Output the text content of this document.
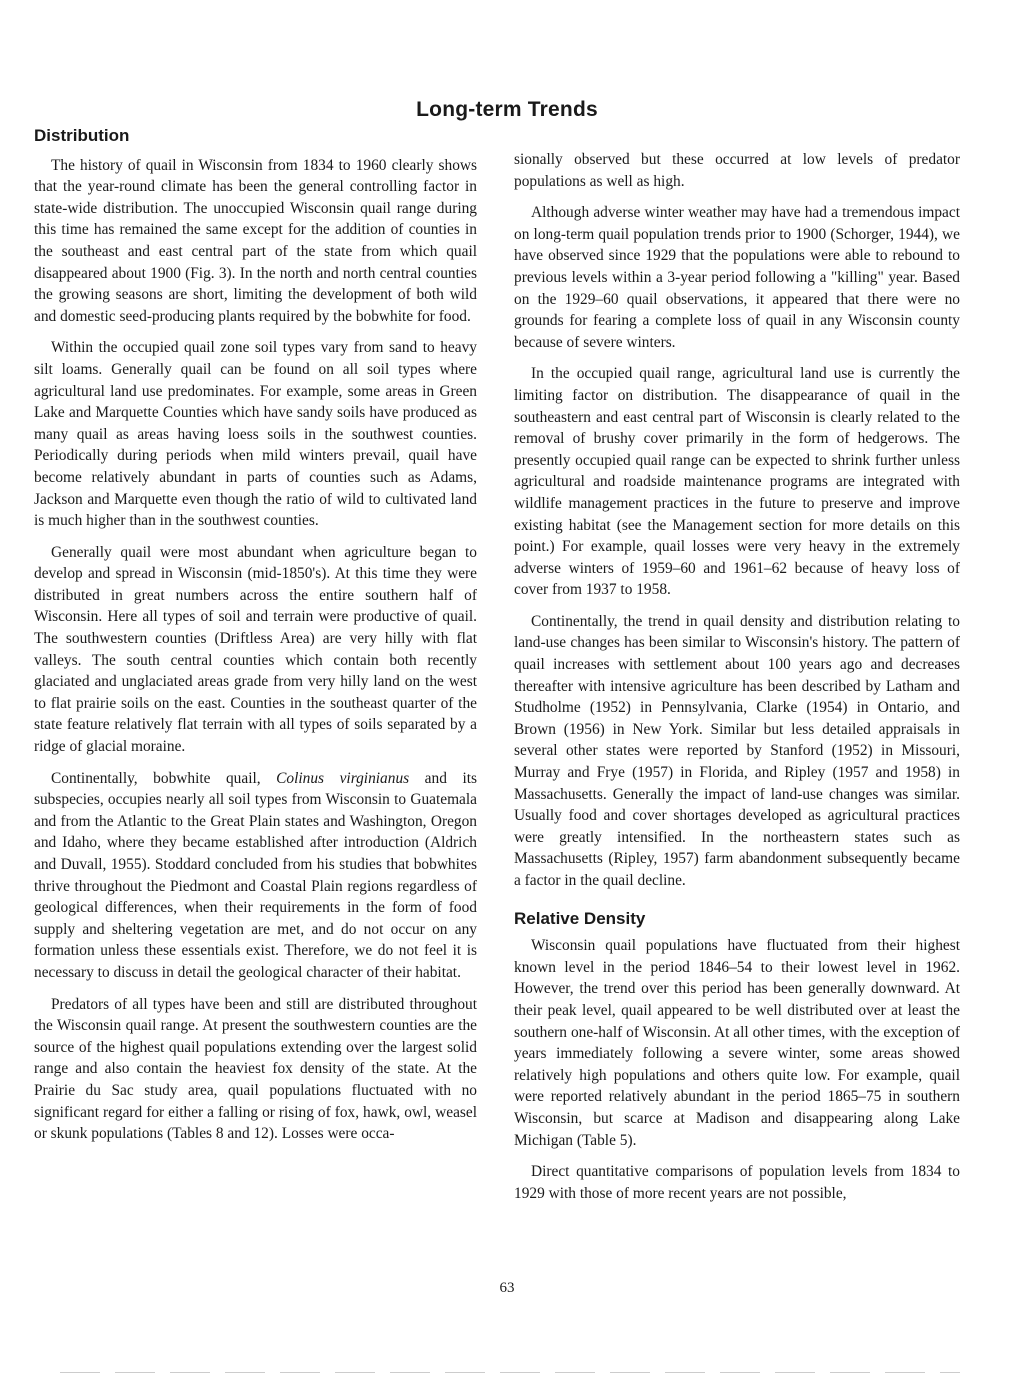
Long-term Trends
Distribution

The history of quail in Wisconsin from 1834 to 1960 clearly shows that the year-round climate has been the general controlling factor in state-wide distribution. The unoccupied Wisconsin quail range during this time has remained the same except for the addition of counties in the southeast and east central part of the state from which quail disappeared about 1900 (Fig. 3). In the north and north central counties the growing seasons are short, limiting the development of both wild and domestic seed-producing plants required by the bobwhite for food.

Within the occupied quail zone soil types vary from sand to heavy silt loams. Generally quail can be found on all soil types where agricultural land use predominates. For example, some areas in Green Lake and Marquette Counties which have sandy soils have produced as many quail as areas having loess soils in the southwest counties. Periodically during periods when mild winters prevail, quail have become relatively abundant in parts of counties such as Adams, Jackson and Marquette even though the ratio of wild to cultivated land is much higher than in the southwest counties.

Generally quail were most abundant when agriculture began to develop and spread in Wisconsin (mid-1850's). At this time they were distributed in great numbers across the entire southern half of Wisconsin. Here all types of soil and terrain were productive of quail. The southwestern counties (Driftless Area) are very hilly with flat valleys. The south central counties which contain both recently glaciated and unglaciated areas grade from very hilly land on the west to flat prairie soils on the east. Counties in the southeast quarter of the state feature relatively flat terrain with all types of soils separated by a ridge of glacial moraine.

Continentally, bobwhite quail, Colinus virginianus and its subspecies, occupies nearly all soil types from Wisconsin to Guatemala and from the Atlantic to the Great Plain states and Washington, Oregon and Idaho, where they became established after introduction (Aldrich and Duvall, 1955). Stoddard concluded from his studies that bobwhites thrive throughout the Piedmont and Coastal Plain regions regardless of geological differences, when their requirements in the form of food supply and sheltering vegetation are met, and do not occur on any formation unless these essentials exist. Therefore, we do not feel it is necessary to discuss in detail the geological character of their habitat.

Predators of all types have been and still are distributed throughout the Wisconsin quail range. At present the southwestern counties are the source of the highest quail populations extending over the largest solid range and also contain the heaviest fox density of the state. At the Prairie du Sac study area, quail populations fluctuated with no significant regard for either a falling or rising of fox, hawk, owl, weasel or skunk populations (Tables 8 and 12). Losses were occa-

sionally observed but these occurred at low levels of predator populations as well as high.

Although adverse winter weather may have had a tremendous impact on long-term quail population trends prior to 1900 (Schorger, 1944), we have observed since 1929 that the populations were able to rebound to previous levels within a 3-year period following a "killing" year. Based on the 1929–60 quail observations, it appeared that there were no grounds for fearing a complete loss of quail in any Wisconsin county because of severe winters.

In the occupied quail range, agricultural land use is currently the limiting factor on distribution. The disappearance of quail in the southeastern and east central part of Wisconsin is clearly related to the removal of brushy cover primarily in the form of hedgerows. The presently occupied quail range can be expected to shrink further unless agricultural and roadside maintenance programs are integrated with wildlife management practices in the future to preserve and improve existing habitat (see the Management section for more details on this point.) For example, quail losses were very heavy in the extremely adverse winters of 1959–60 and 1961–62 because of heavy loss of cover from 1937 to 1958.

Continentally, the trend in quail density and distribution relating to land-use changes has been similar to Wisconsin's history. The pattern of quail increases with settlement about 100 years ago and decreases thereafter with intensive agriculture has been described by Latham and Studholme (1952) in Pennsylvania, Clarke (1954) in Ontario, and Brown (1956) in New York. Similar but less detailed appraisals in several other states were reported by Stanford (1952) in Missouri, Murray and Frye (1957) in Florida, and Ripley (1957 and 1958) in Massachusetts. Generally the impact of land-use changes was similar. Usually food and cover shortages developed as agricultural practices were greatly intensified. In the northeastern states such as Massachusetts (Ripley, 1957) farm abandonment subsequently became a factor in the quail decline.

Relative Density

Wisconsin quail populations have fluctuated from their highest known level in the period 1846–54 to their lowest level in 1962. However, the trend over this period has been generally downward. At their peak level, quail appeared to be well distributed over at least the southern one-half of Wisconsin. At all other times, with the exception of years immediately following a severe winter, some areas showed relatively high populations and others quite low. For example, quail were reported relatively abundant in the period 1865–75 in southern Wisconsin, but scarce at Madison and disappearing along Lake Michigan (Table 5).

Direct quantitative comparisons of population levels from 1834 to 1929 with those of more recent years are not possible,

63
